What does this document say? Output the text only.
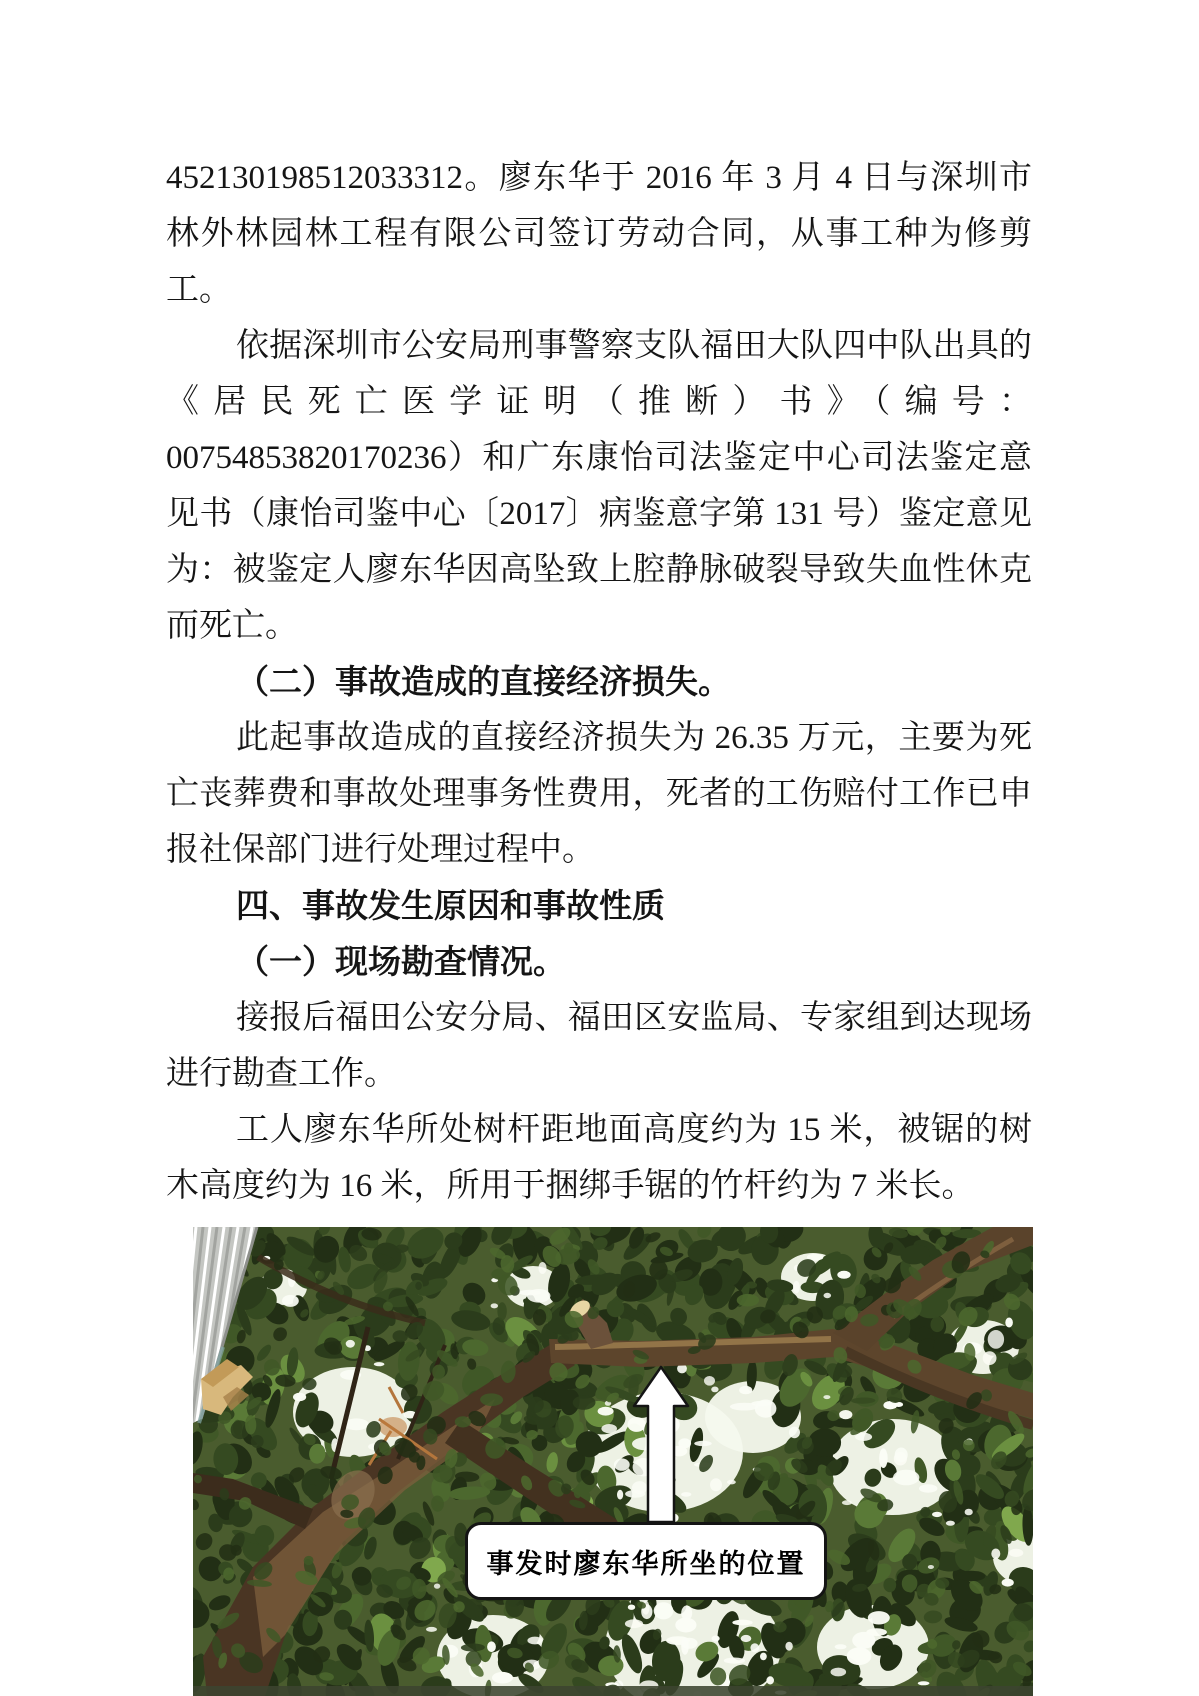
452130198512033312。廖东华于 2016 年 3 月 4 日与深圳市林外林园林工程有限公司签订劳动合同，从事工种为修剪工。

依据深圳市公安局刑事警察支队福田大队四中队出具的《居民死亡医学证明（推断）书》（编号：00754853820170236）和广东康怡司法鉴定中心司法鉴定意见书（康怡司鉴中心〔2017〕病鉴意字第 131 号）鉴定意见为：被鉴定人廖东华因高坠致上腔静脉破裂导致失血性休克而死亡。

（二）事故造成的直接经济损失。

此起事故造成的直接经济损失为 26.35 万元，主要为死亡丧葬费和事故处理事务性费用，死者的工伤赔付工作已申报社保部门进行处理过程中。

四、事故发生原因和事故性质

（一）现场勘查情况。

接报后福田公安分局、福田区安监局、专家组到达现场进行勘查工作。

工人廖东华所处树杆距地面高度约为 15 米，被锯的树木高度约为 16 米，所用于捆绑手锯的竹杆约为 7 米长。

事发时廖东华所坐的位置
